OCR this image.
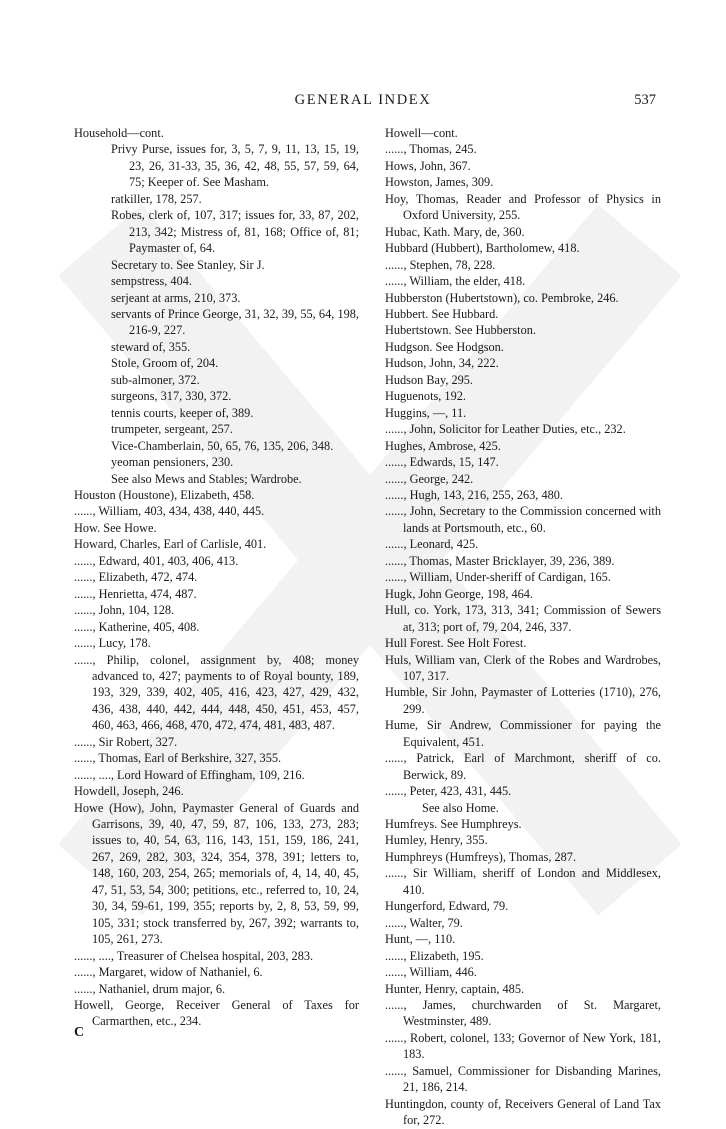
GENERAL INDEX	537
Household—cont.
Privy Purse, issues for, 3, 5, 7, 9, 11, 13, 15, 19, 23, 26, 31-33, 35, 36, 42, 48, 55, 57, 59, 64, 75; Keeper of. See Masham.
ratkiller, 178, 257.
Robes, clerk of, 107, 317; issues for, 33, 87, 202, 213, 342; Mistress of, 81, 168; Office of, 81; Paymaster of, 64.
Secretary to. See Stanley, Sir J.
sempstress, 404.
serjeant at arms, 210, 373.
servants of Prince George, 31, 32, 39, 55, 64, 198, 216-9, 227.
steward of, 355.
Stole, Groom of, 204.
sub-almoner, 372.
surgeons, 317, 330, 372.
tennis courts, keeper of, 389.
trumpeter, sergeant, 257.
Vice-Chamberlain, 50, 65, 76, 135, 206, 348.
yeoman pensioners, 230.
See also Mews and Stables; Wardrobe.
Houston (Houstone), Elizabeth, 458.
......, William, 403, 434, 438, 440, 445.
How. See Howe.
Howard, Charles, Earl of Carlisle, 401.
......, Edward, 401, 403, 406, 413.
......, Elizabeth, 472, 474.
......, Henrietta, 474, 487.
......, John, 104, 128.
......, Katherine, 405, 408.
......, Lucy, 178.
......, Philip, colonel, assignment by, 408; money advanced to, 427; payments to of Royal bounty, 189, 193, 329, 339, 402, 405, 416, 423, 427, 429, 432, 436, 438, 440, 442, 444, 448, 450, 451, 453, 457, 460, 463, 466, 468, 470, 472, 474, 481, 483, 487.
......, Sir Robert, 327.
......, Thomas, Earl of Berkshire, 327, 355.
......, ...., Lord Howard of Effingham, 109, 216.
Howdell, Joseph, 246.
Howe (How), John, Paymaster General of Guards and Garrisons, 39, 40, 47, 59, 87, 106, 133, 273, 283; issues to, 40, 54, 63, 116, 143, 151, 159, 186, 241, 267, 269, 282, 303, 324, 354, 378, 391; letters to, 148, 160, 203, 254, 265; memorials of, 4, 14, 40, 45, 47, 51, 53, 54, 300; petitions, etc., referred to, 10, 24, 30, 34, 59-61, 199, 355; reports by, 2, 8, 53, 59, 99, 105, 331; stock transferred by, 267, 392; warrants to, 105, 261, 273.
......, ...., Treasurer of Chelsea hospital, 203, 283.
......, Margaret, widow of Nathaniel, 6.
......, Nathaniel, drum major, 6.
Howell, George, Receiver General of Taxes for Carmarthen, etc., 234.
Howell—cont.
......, Thomas, 245.
Hows, John, 367.
Howston, James, 309.
Hoy, Thomas, Reader and Professor of Physics in Oxford University, 255.
Hubac, Kath. Mary, de, 360.
Hubbard (Hubbert), Bartholomew, 418.
......, Stephen, 78, 228.
......, William, the elder, 418.
Hubberston (Hubertstown), co. Pembroke, 246.
Hubbert. See Hubbard.
Hubertstown. See Hubberston.
Hudgson. See Hodgson.
Hudson, John, 34, 222.
Hudson Bay, 295.
Huguenots, 192.
Huggins, —, 11.
......, John, Solicitor for Leather Duties, etc., 232.
Hughes, Ambrose, 425.
......, Edwards, 15, 147.
......, George, 242.
......, Hugh, 143, 216, 255, 263, 480.
......, John, Secretary to the Commission concerned with lands at Portsmouth, etc., 60.
......, Leonard, 425.
......, Thomas, Master Bricklayer, 39, 236, 389.
......, William, Under-sheriff of Cardigan, 165.
Hugk, John George, 198, 464.
Hull, co. York, 173, 313, 341; Commission of Sewers at, 313; port of, 79, 204, 246, 337.
Hull Forest. See Holt Forest.
Huls, William van, Clerk of the Robes and Wardrobes, 107, 317.
Humble, Sir John, Paymaster of Lotteries (1710), 276, 299.
Hume, Sir Andrew, Commissioner for paying the Equivalent, 451.
......, Patrick, Earl of Marchmont, sheriff of co. Berwick, 89.
......, Peter, 423, 431, 445.
See also Home.
Humfreys. See Humphreys.
Humley, Henry, 355.
Humphreys (Humfreys), Thomas, 287.
......, Sir William, sheriff of London and Middlesex, 410.
Hungerford, Edward, 79.
......, Walter, 79.
Hunt, —, 110.
......, Elizabeth, 195.
......, William, 446.
Hunter, Henry, captain, 485.
......, James, churchwarden of St. Margaret, Westminster, 489.
......, Robert, colonel, 133; Governor of New York, 181, 183.
......, Samuel, Commissioner for Disbanding Marines, 21, 186, 214.
Huntingdon, county of, Receivers General of Land Tax for, 272.
C
